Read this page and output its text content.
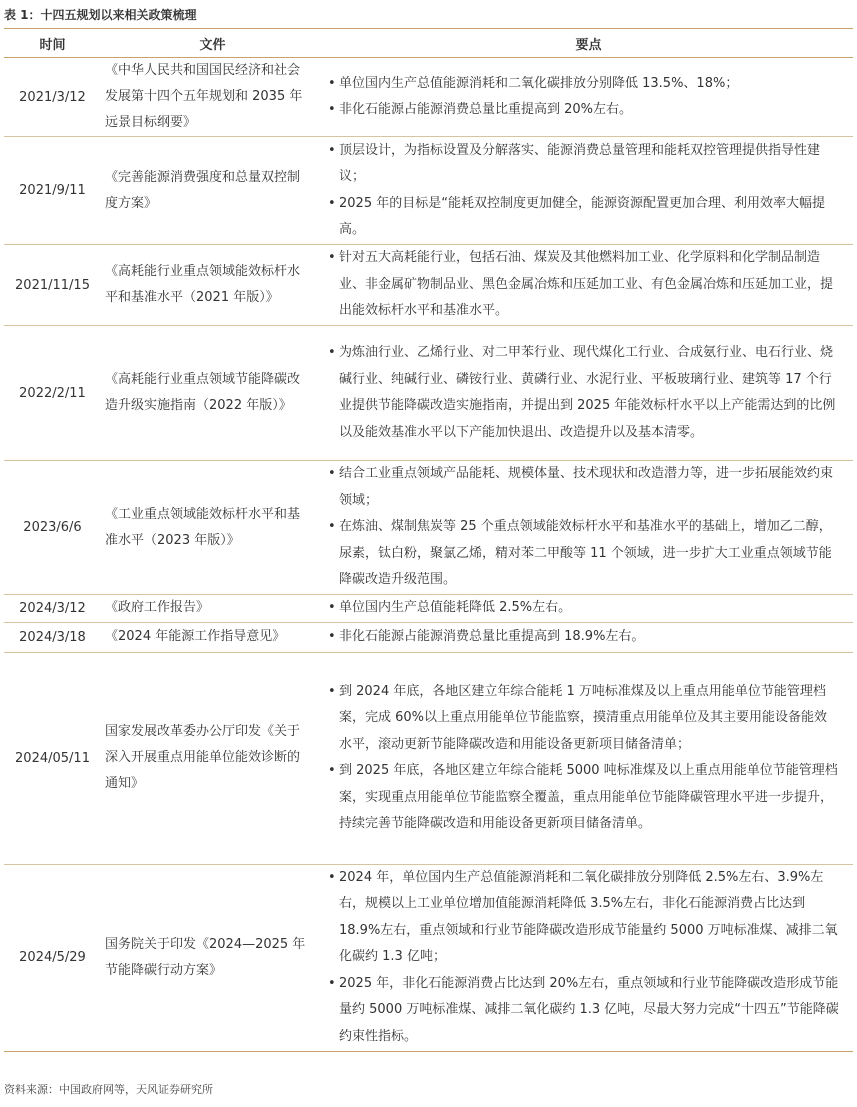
表 1：十四五规划以来相关政策梳理
时间	文件	要点
2021/3/12	《中华人民共和国国民经济和社会发展第十四个五年规划和 2035 年远景目标纲要》	• 单位国内生产总值能源消耗和二氧化碳排放分别降低 13.5%、18%；
• 非化石能源占能源消费总量比重提高到 20%左右。

2021/9/11	《完善能源消费强度和总量双控制度方案》	• 顶层设计，为指标设置及分解落实、能源消费总量管理和能耗双控管理提供指导性建议；
• 2025 年的目标是“能耗双控制度更加健全，能源资源配置更加合理、利用效率大幅提高。

2021/11/15	《高耗能行业重点领域能效标杆水平和基准水平（2021 年版）》	• 针对五大高耗能行业，包括石油、煤炭及其他燃料加工业、化学原料和化学制品制造业、非金属矿物制品业、黑色金属冶炼和压延加工业、有色金属冶炼和压延加工业，提出能效标杆水平和基准水平。

2022/2/11	《高耗能行业重点领域节能降碳改造升级实施指南（2022 年版）》	• 为炼油行业、乙烯行业、对二甲苯行业、现代煤化工行业、合成氨行业、电石行业、烧碱行业、纯碱行业、磷铵行业、黄磷行业、水泥行业、平板玻璃行业、建筑等 17 个行业提供节能降碳改造实施指南，并提出到 2025 年能效标杆水平以上产能需达到的比例以及能效基准水平以下产能加快退出、改造提升以及基本清零。

2023/6/6	《工业重点领域能效标杆水平和基准水平（2023 年版）》	• 结合工业重点领域产品能耗、规模体量、技术现状和改造潜力等，进一步拓展能效约束领域；
• 在炼油、煤制焦炭等 25 个重点领域能效标杆水平和基准水平的基础上，增加乙二醇，尿素，钛白粉，聚氯乙烯，精对苯二甲酸等 11 个领域，进一步扩大工业重点领域节能降碳改造升级范围。

2024/3/12	《政府工作报告》	• 单位国内生产总值能耗降低 2.5%左右。

2024/3/18	《2024 年能源工作指导意见》	• 非化石能源占能源消费总量比重提高到 18.9%左右。

2024/05/11	国家发展改革委办公厅印发《关于深入开展重点用能单位能效诊断的通知》	• 到 2024 年底，各地区建立年综合能耗 1 万吨标准煤及以上重点用能单位节能管理档案，完成 60%以上重点用能单位节能监察，摸清重点用能单位及其主要用能设备能效水平，滚动更新节能降碳改造和用能设备更新项目储备清单；
• 到 2025 年底，各地区建立年综合能耗 5000 吨标准煤及以上重点用能单位节能管理档案，实现重点用能单位节能监察全覆盖，重点用能单位节能降碳管理水平进一步提升，持续完善节能降碳改造和用能设备更新项目储备清单。

2024/5/29	国务院关于印发《2024—2025 年节能降碳行动方案》	• 2024 年，单位国内生产总值能源消耗和二氧化碳排放分别降低 2.5%左右、3.9%左右，规模以上工业单位增加值能源消耗降低 3.5%左右，非化石能源消费占比达到 18.9%左右，重点领域和行业节能降碳改造形成节能量约 5000 万吨标准煤、减排二氧化碳约 1.3 亿吨；
• 2025 年，非化石能源消费占比达到 20%左右，重点领域和行业节能降碳改造形成节能量约 5000 万吨标准煤、减排二氧化碳约 1.3 亿吨，尽最大努力完成“十四五”节能降碳约束性指标。
资料来源：中国政府网等，天风证券研究所
